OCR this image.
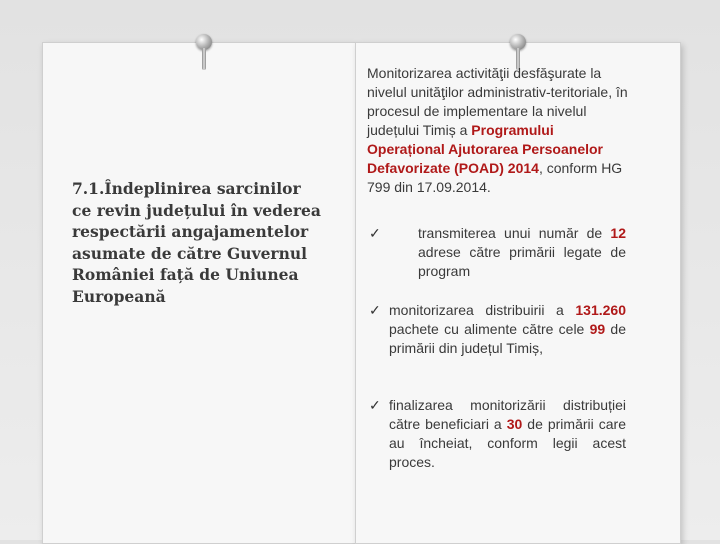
7.1.Îndeplinirea sarcinilor ce revin județului în vederea respectării angajamentelor asumate de către Guvernul României față de Uniunea Europeană
Monitorizarea activităţii desfăşurate la nivelul unităţilor administrativ-teritoriale, în procesul de implementare la nivelul județului Timiș a Programului Operațional Ajutorarea Persoanelor Defavorizate (POAD) 2014, conform HG 799 din 17.09.2014.
✓	transmiterea unui număr de 12 adrese către primării legate de program
✓ monitorizarea distribuirii a 131.260 pachete cu alimente către cele 99 de primării din județul Timiș,
✓ finalizarea monitorizării distribuției către beneficiari a 30 de primării care au încheiat, conform legii acest proces.
